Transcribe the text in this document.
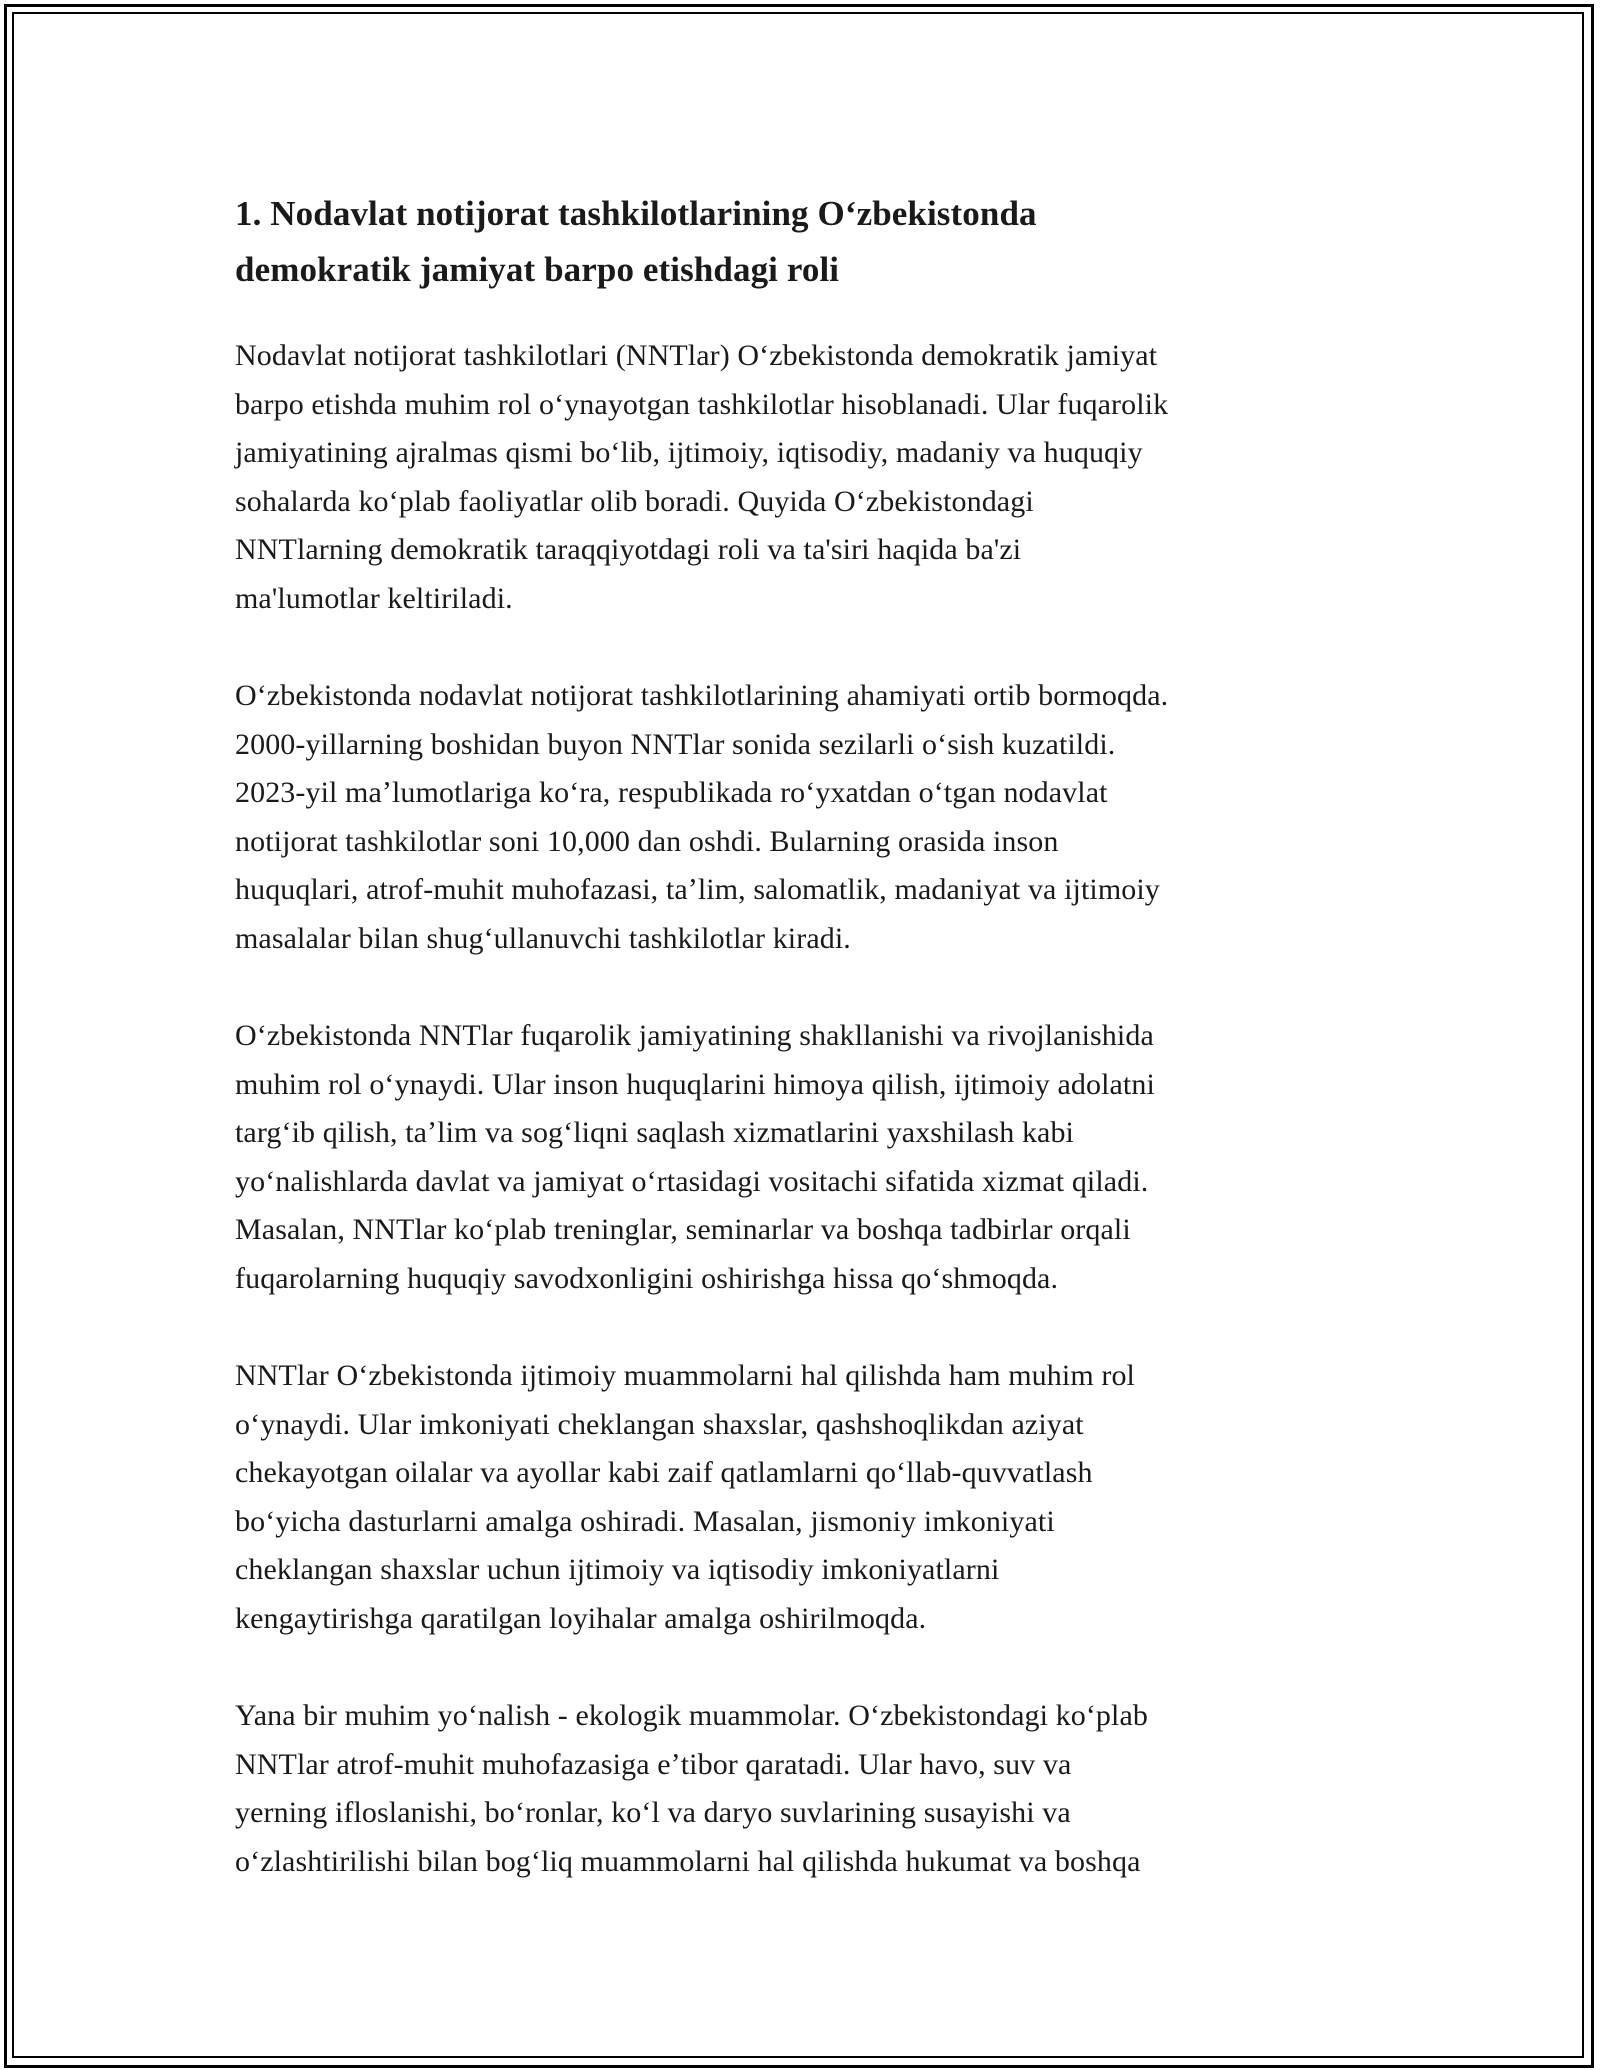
1. Nodavlat notijorat tashkilotlarining Oʻzbekistonda
demokratik jamiyat barpo etishdagi roli

Nodavlat notijorat tashkilotlari (NNTlar) Oʻzbekistonda demokratik jamiyat
barpo etishda muhim rol oʻynayotgan tashkilotlar hisoblanadi. Ular fuqarolik
jamiyatining ajralmas qismi boʻlib, ijtimoiy, iqtisodiy, madaniy va huquqiy
sohalarda koʻplab faoliyatlar olib boradi. Quyida Oʻzbekistondagi
NNTlarning demokratik taraqqiyotdagi roli va ta'siri haqida ba'zi
ma'lumotlar keltiriladi.

Oʻzbekistonda nodavlat notijorat tashkilotlarining ahamiyati ortib bormoqda.
2000-yillarning boshidan buyon NNTlar sonida sezilarli oʻsish kuzatildi.
2023-yil maʼlumotlariga koʻra, respublikada roʻyxatdan oʻtgan nodavlat
notijorat tashkilotlar soni 10,000 dan oshdi. Bularning orasida inson
huquqlari, atrof-muhit muhofazasi, taʼlim, salomatlik, madaniyat va ijtimoiy
masalalar bilan shugʻullanuvchi tashkilotlar kiradi.

Oʻzbekistonda NNTlar fuqarolik jamiyatining shakllanishi va rivojlanishida
muhim rol oʻynaydi. Ular inson huquqlarini himoya qilish, ijtimoiy adolatni
targʻib qilish, taʼlim va sogʻliqni saqlash xizmatlarini yaxshilash kabi
yoʻnalishlarda davlat va jamiyat oʻrtasidagi vositachi sifatida xizmat qiladi.
Masalan, NNTlar koʻplab treninglar, seminarlar va boshqa tadbirlar orqali
fuqarolarning huquqiy savodxonligini oshirishga hissa qoʻshmoqda.

NNTlar Oʻzbekistonda ijtimoiy muammolarni hal qilishda ham muhim rol
oʻynaydi. Ular imkoniyati cheklangan shaxslar, qashshoqlikdan aziyat
chekayotgan oilalar va ayollar kabi zaif qatlamlarni qoʻllab-quvvatlash
boʻyicha dasturlarni amalga oshiradi. Masalan, jismoniy imkoniyati
cheklangan shaxslar uchun ijtimoiy va iqtisodiy imkoniyatlarni
kengaytirishga qaratilgan loyihalar amalga oshirilmoqda.

Yana bir muhim yoʻnalish - ekologik muammolar. Oʻzbekistondagi koʻplab
NNTlar atrof-muhit muhofazasiga eʼtibor qaratadi. Ular havo, suv va
yerning ifloslanishi, boʻronlar, koʻl va daryo suvlarining susayishi va
oʻzlashtirilishi bilan bogʻliq muammolarni hal qilishda hukumat va boshqa
